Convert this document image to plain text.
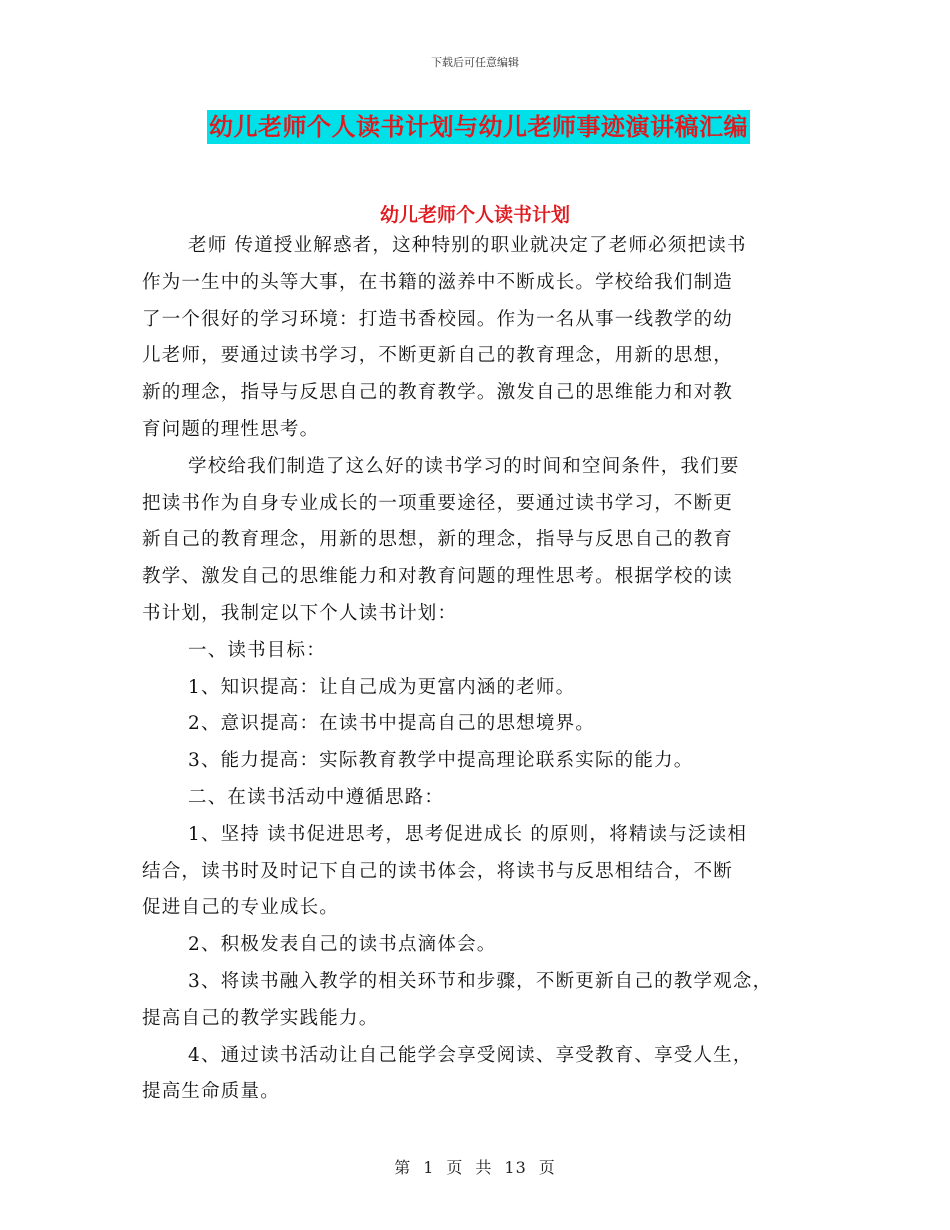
下载后可任意编辑
幼儿老师个人读书计划与幼儿老师事迹演讲稿汇编
幼儿老师个人读书计划

老师 传道授业解惑者，这种特别的职业就决定了老师必须把读书

作为一生中的头等大事，在书籍的滋养中不断成长。学校给我们制造

了一个很好的学习环境：打造书香校园。作为一名从事一线教学的幼

儿老师，要通过读书学习，不断更新自己的教育理念，用新的思想，

新的理念，指导与反思自己的教育教学。激发自己的思维能力和对教

育问题的理性思考。

学校给我们制造了这么好的读书学习的时间和空间条件，我们要

把读书作为自身专业成长的一项重要途径，要通过读书学习，不断更

新自己的教育理念，用新的思想，新的理念，指导与反思自己的教育

教学、激发自己的思维能力和对教育问题的理性思考。根据学校的读

书计划，我制定以下个人读书计划：

一、读书目标：

1、知识提高：让自己成为更富内涵的老师。

2、意识提高：在读书中提高自己的思想境界。

3、能力提高：实际教育教学中提高理论联系实际的能力。

二、在读书活动中遵循思路：

1、坚持 读书促进思考，思考促进成长 的原则，将精读与泛读相

结合，读书时及时记下自己的读书体会，将读书与反思相结合，不断

促进自己的专业成长。

2、积极发表自己的读书点滴体会。

3、将读书融入教学的相关环节和步骤，不断更新自己的教学观念，

提高自己的教学实践能力。

4、通过读书活动让自己能学会享受阅读、享受教育、享受人生，

提高生命质量。

第 1 页 共 13 页
